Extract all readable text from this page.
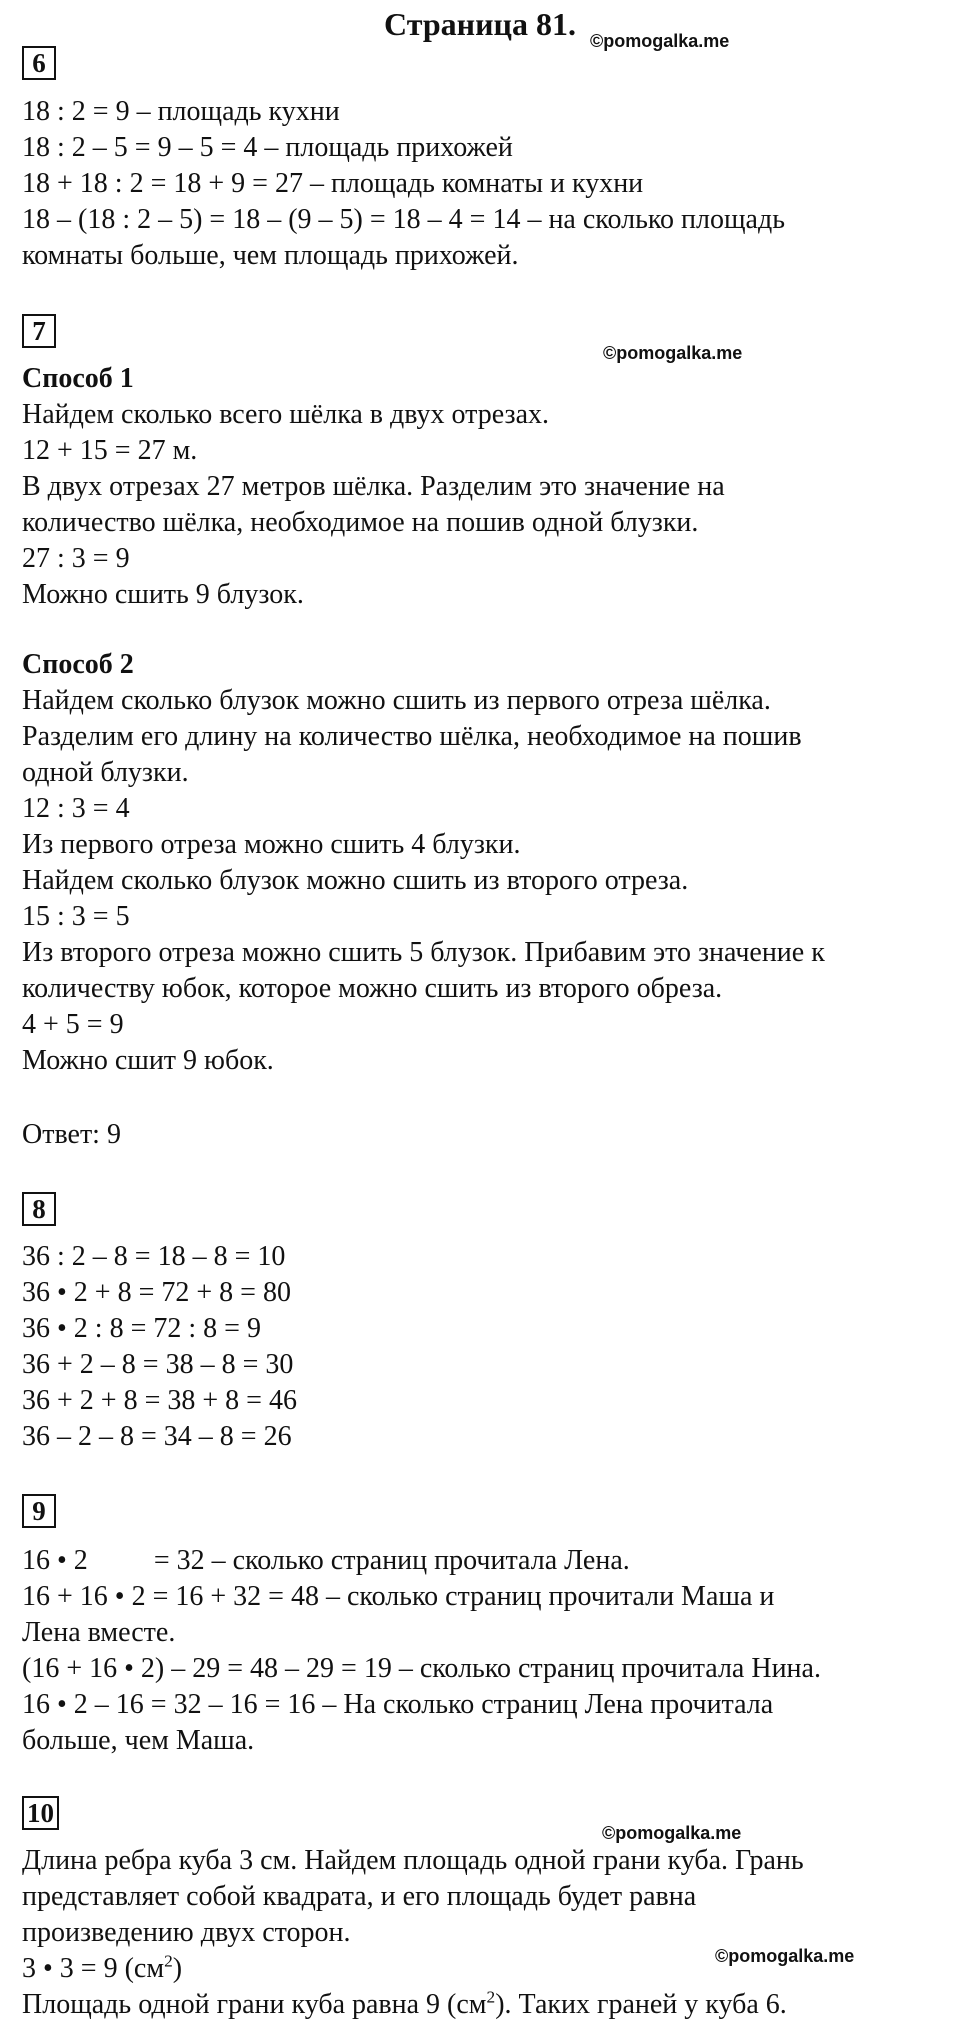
Страница 81. ©pomogalka.me
6
18 : 2 = 9 – площадь кухни
18 : 2 – 5 = 9 – 5 = 4 – площадь прихожей
18 + 18 : 2 = 18 + 9 = 27 – площадь комнаты и кухни
18 – (18 : 2 – 5) = 18 – (9 – 5) = 18 – 4 = 14 – на сколько площадь
комнаты больше, чем площадь прихожей.
7
©pomogalka.me
Способ 1
Найдем сколько всего шёлка в двух отрезах.
12 + 15 = 27 м.
В двух отрезах 27 метров шёлка. Разделим это значение на
количество шёлка, необходимое на пошив одной блузки.
27 : 3 = 9
Можно сшить 9 блузок.
Способ 2
Найдем сколько блузок можно сшить из первого отреза шёлка.
Разделим его длину на количество шёлка, необходимое на пошив
одной блузки.
12 : 3 = 4
Из первого отреза можно сшить 4 блузки.
Найдем сколько блузок можно сшить из второго отреза.
15 : 3 = 5
Из второго отреза можно сшить 5 блузок. Прибавим это значение к
количеству юбок, которое можно сшить из второго обреза.
4 + 5 = 9
Можно сшит 9 юбок.
Ответ: 9
8
36 : 2 – 8 = 18 – 8 = 10
36 • 2 + 8 = 72 + 8 = 80
36 • 2 : 8 = 72 : 8 = 9
36 + 2 – 8 = 38 – 8 = 30
36 + 2 + 8 = 38 + 8 = 46
36 – 2 – 8 = 34 – 8 = 26
9
16 • 2 = 32 – сколько страниц прочитала Лена.
16 + 16 • 2 = 16 + 32 = 48 – сколько страниц прочитали Маша и
Лена вместе.
(16 + 16 • 2) – 29 = 48 – 29 = 19 – сколько страниц прочитала Нина.
16 • 2 – 16 = 32 – 16 = 16 – На сколько страниц Лена прочитала
больше, чем Маша.
10
©pomogalka.me
Длина ребра куба 3 см. Найдем площадь одной грани куба. Грань
представляет собой квадрата, и его площадь будет равна
произведению двух сторон.
3 • 3 = 9 $(см^2)$
Площадь одной грани куба равна 9 $(см^2)$. Таких граней у куба 6.
©pomogalka.me
